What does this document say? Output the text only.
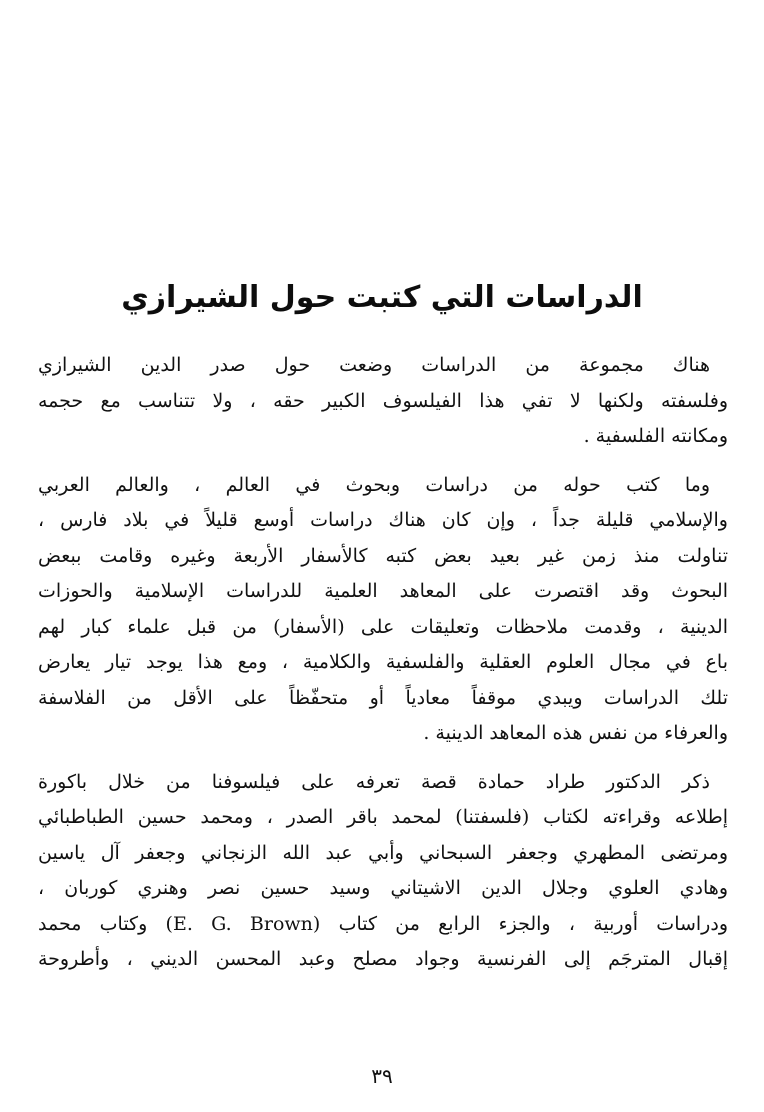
الدراسات التي كتبت حول الشيرازي

هناك مجموعة من الدراسات وضعت حول صدر الدين الشيرازي
وفلسفته ولكنها لا تفي هذا الفيلسوف الكبير حقه ، ولا تتناسب مع حجمه
ومكانته الفلسفية .

وما كتب حوله من دراسات وبحوث في العالم ، والعالم العربي
والإسلامي قليلة جداً ، وإن كان هناك دراسات أوسع قليلاً في بلاد فارس ،
تناولت منذ زمن غير بعيد بعض كتبه كالأسفار الأربعة وغيره وقامت ببعض
البحوث وقد اقتصرت على المعاهد العلمية للدراسات الإسلامية والحوزات
الدينية ، وقدمت ملاحظات وتعليقات على (الأسفار) من قبل علماء كبار لهم
باع في مجال العلوم العقلية والفلسفية والكلامية ، ومع هذا يوجد تيار يعارض
تلك الدراسات ويبدي موقفاً معادياً أو متحفّظاً على الأقل من الفلاسفة
والعرفاء من نفس هذه المعاهد الدينية .

ذكر الدكتور طراد حمادة قصة تعرفه على فيلسوفنا من خلال باكورة
إطلاعه وقراءته لكتاب (فلسفتنا) لمحمد باقر الصدر ، ومحمد حسين الطباطبائي
ومرتضى المطهري وجعفر السبحاني وأبي عبد الله الزنجاني وجعفر آل ياسين
وهادي العلوي وجلال الدين الاشيتاني وسيد حسين نصر وهنري كوربان ،
ودراسات أوربية ، والجزء الرابع من كتاب (E. G. Brown) وكتاب محمد
إقبال المترجَم إلى الفرنسية وجواد مصلح وعبد المحسن الديني ، وأطروحة

٣٩
